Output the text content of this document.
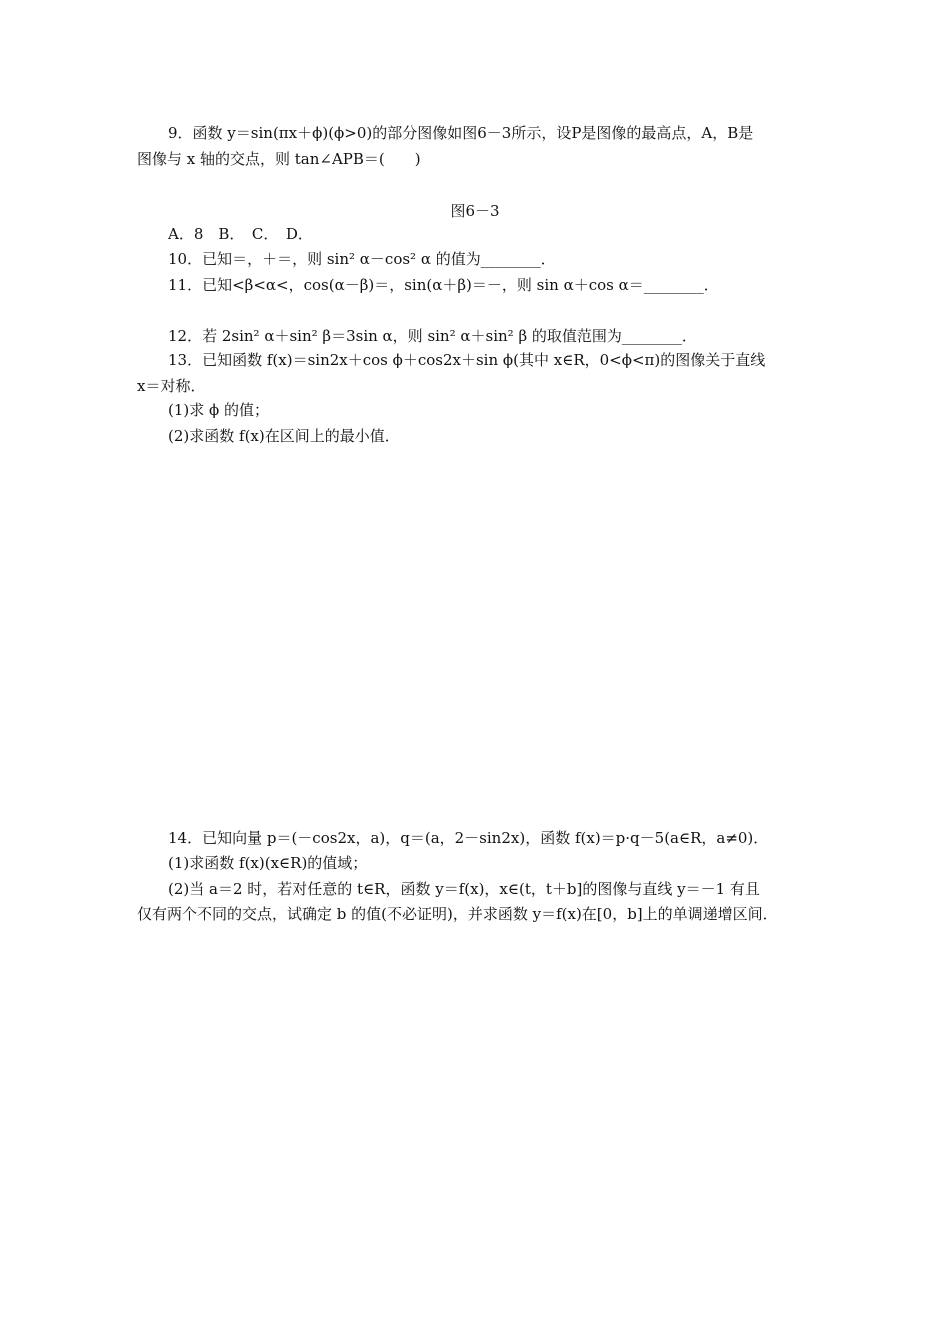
9．函数 y＝sin(πx＋ϕ)(ϕ>0)的部分图像如图6－3所示，设P是图像的最高点，A，B是
图像与 x 轴的交点，则 tan∠APB＝(　　)
图6－3
A．8　B．　C．　D．
10．已知＝，＋＝，则 sin² α－cos² α 的值为________．
11．已知<β<α<，cos(α－β)＝，sin(α＋β)＝－，则 sin α＋cos α＝________．
12．若 2sin² α＋sin² β＝3sin α，则 sin² α＋sin² β 的取值范围为________．
13．已知函数 f(x)＝sin2x＋cos ϕ＋cos2x＋sin ϕ(其中 x∈R，0<ϕ<π)的图像关于直线
x＝对称．
(1)求 ϕ 的值；
(2)求函数 f(x)在区间上的最小值．
14．已知向量 p＝(－cos2x，a)，q＝(a，2－sin2x)，函数 f(x)＝p·q－5(a∈R，a≠0)．
(1)求函数 f(x)(x∈R)的值域；
(2)当 a＝2 时，若对任意的 t∈R，函数 y＝f(x)，x∈(t，t＋b]的图像与直线 y＝－1 有且
仅有两个不同的交点，试确定 b 的值(不必证明)，并求函数 y＝f(x)在[0，b]上的单调递增区间．
